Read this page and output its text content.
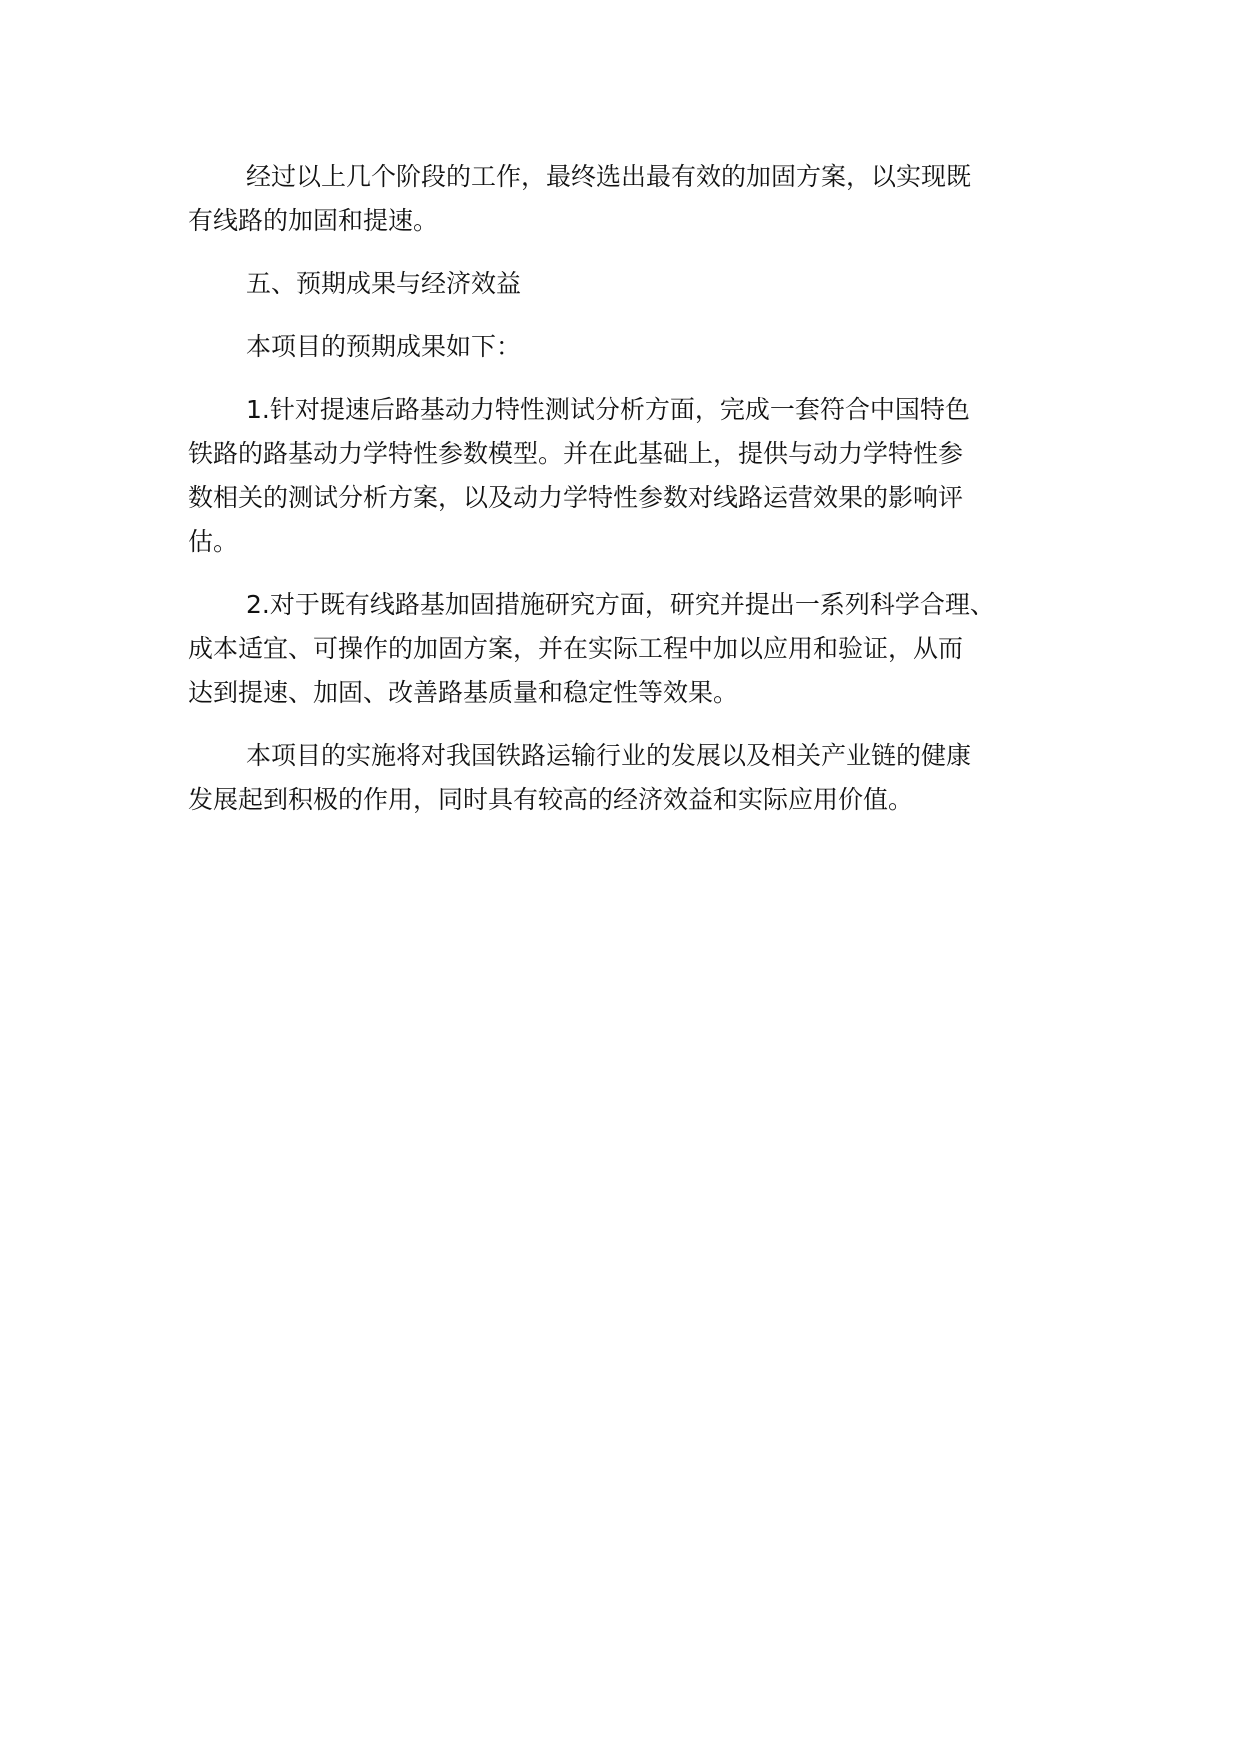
经过以上几个阶段的工作，最终选出最有效的加固方案，以实现既
有线路的加固和提速。

五、预期成果与经济效益

本项目的预期成果如下：

1.针对提速后路基动力特性测试分析方面，完成一套符合中国特色
铁路的路基动力学特性参数模型。并在此基础上，提供与动力学特性参
数相关的测试分析方案，以及动力学特性参数对线路运营效果的影响评
估。

2.对于既有线路基加固措施研究方面，研究并提出一系列科学合理、
成本适宜、可操作的加固方案，并在实际工程中加以应用和验证，从而
达到提速、加固、改善路基质量和稳定性等效果。

本项目的实施将对我国铁路运输行业的发展以及相关产业链的健康
发展起到积极的作用，同时具有较高的经济效益和实际应用价值。
